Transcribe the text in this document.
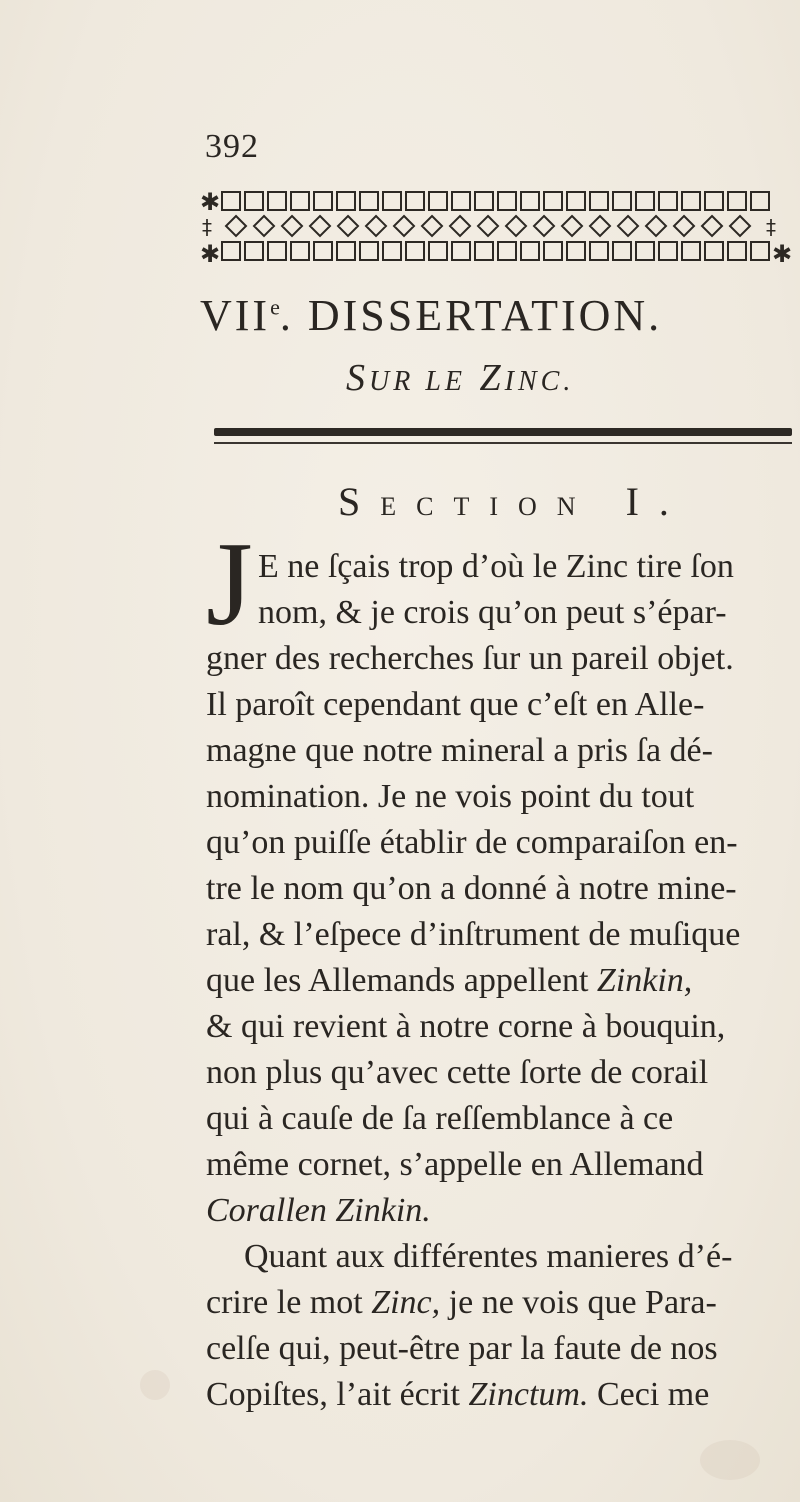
392
✱
‡	‡
✱	✱
VIIe. DISSERTATION.
SUR LE ZINC.
SECTION I.
J E ne ſçais trop d’où le Zinc tire ſon
nom, & je crois qu’on peut s’épar-
gner des recherches ſur un pareil objet.
Il paroît cependant que c’eſt en Alle-
magne que notre mineral a pris ſa dé-
nomination. Je ne vois point du tout
qu’on puiſſe établir de comparaiſon en-
tre le nom qu’on a donné à notre mine-
ral, & l’eſpece d’inſtrument de muſique
que les Allemands appellent Zinkin,
& qui revient à notre corne à bouquin,
non plus qu’avec cette ſorte de corail
qui à cauſe de ſa reſſemblance à ce
même cornet, s’appelle en Allemand
Corallen Zinkin.
Quant aux différentes manieres d’é-
crire le mot Zinc, je ne vois que Para-
celſe qui, peut-être par la faute de nos
Copiſtes, l’ait écrit Zinctum. Ceci me
